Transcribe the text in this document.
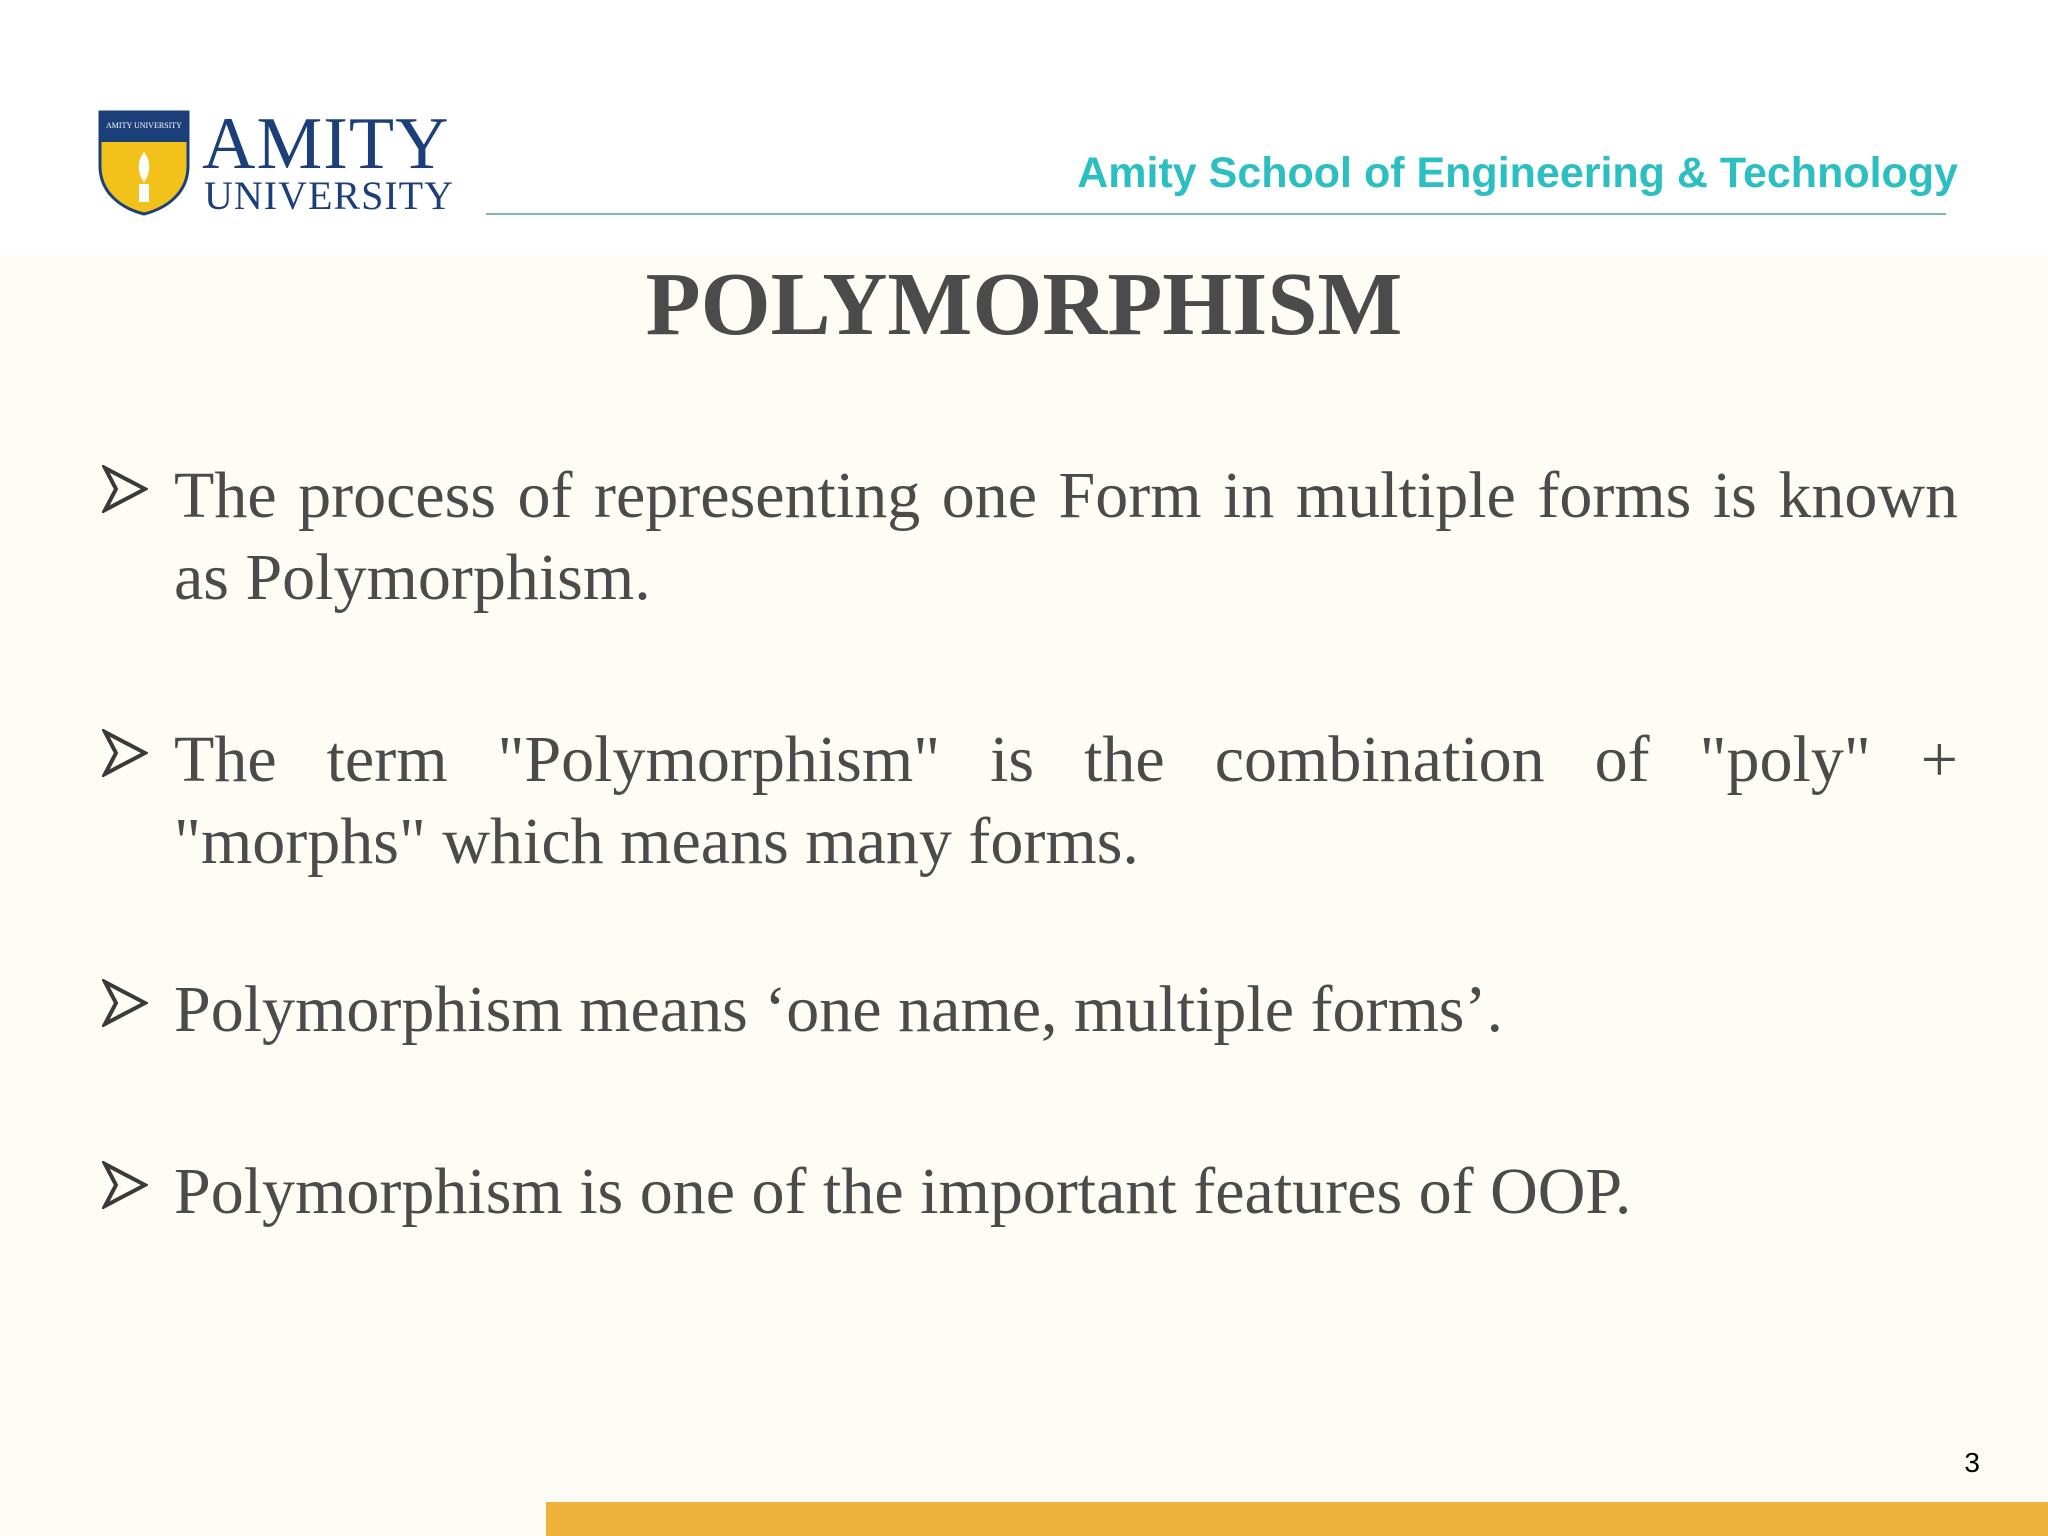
AMITY UNIVERSITY AMITY
UNIVERSITY	Amity School of Engineering & Technology
POLYMORPHISM
The process of representing one Form in multiple forms is known as Polymorphism.
The term "Polymorphism" is the combination of "poly" + "morphs" which means many forms.
Polymorphism means ‘one name, multiple forms’.
Polymorphism is one of the important features of OOP.
3
